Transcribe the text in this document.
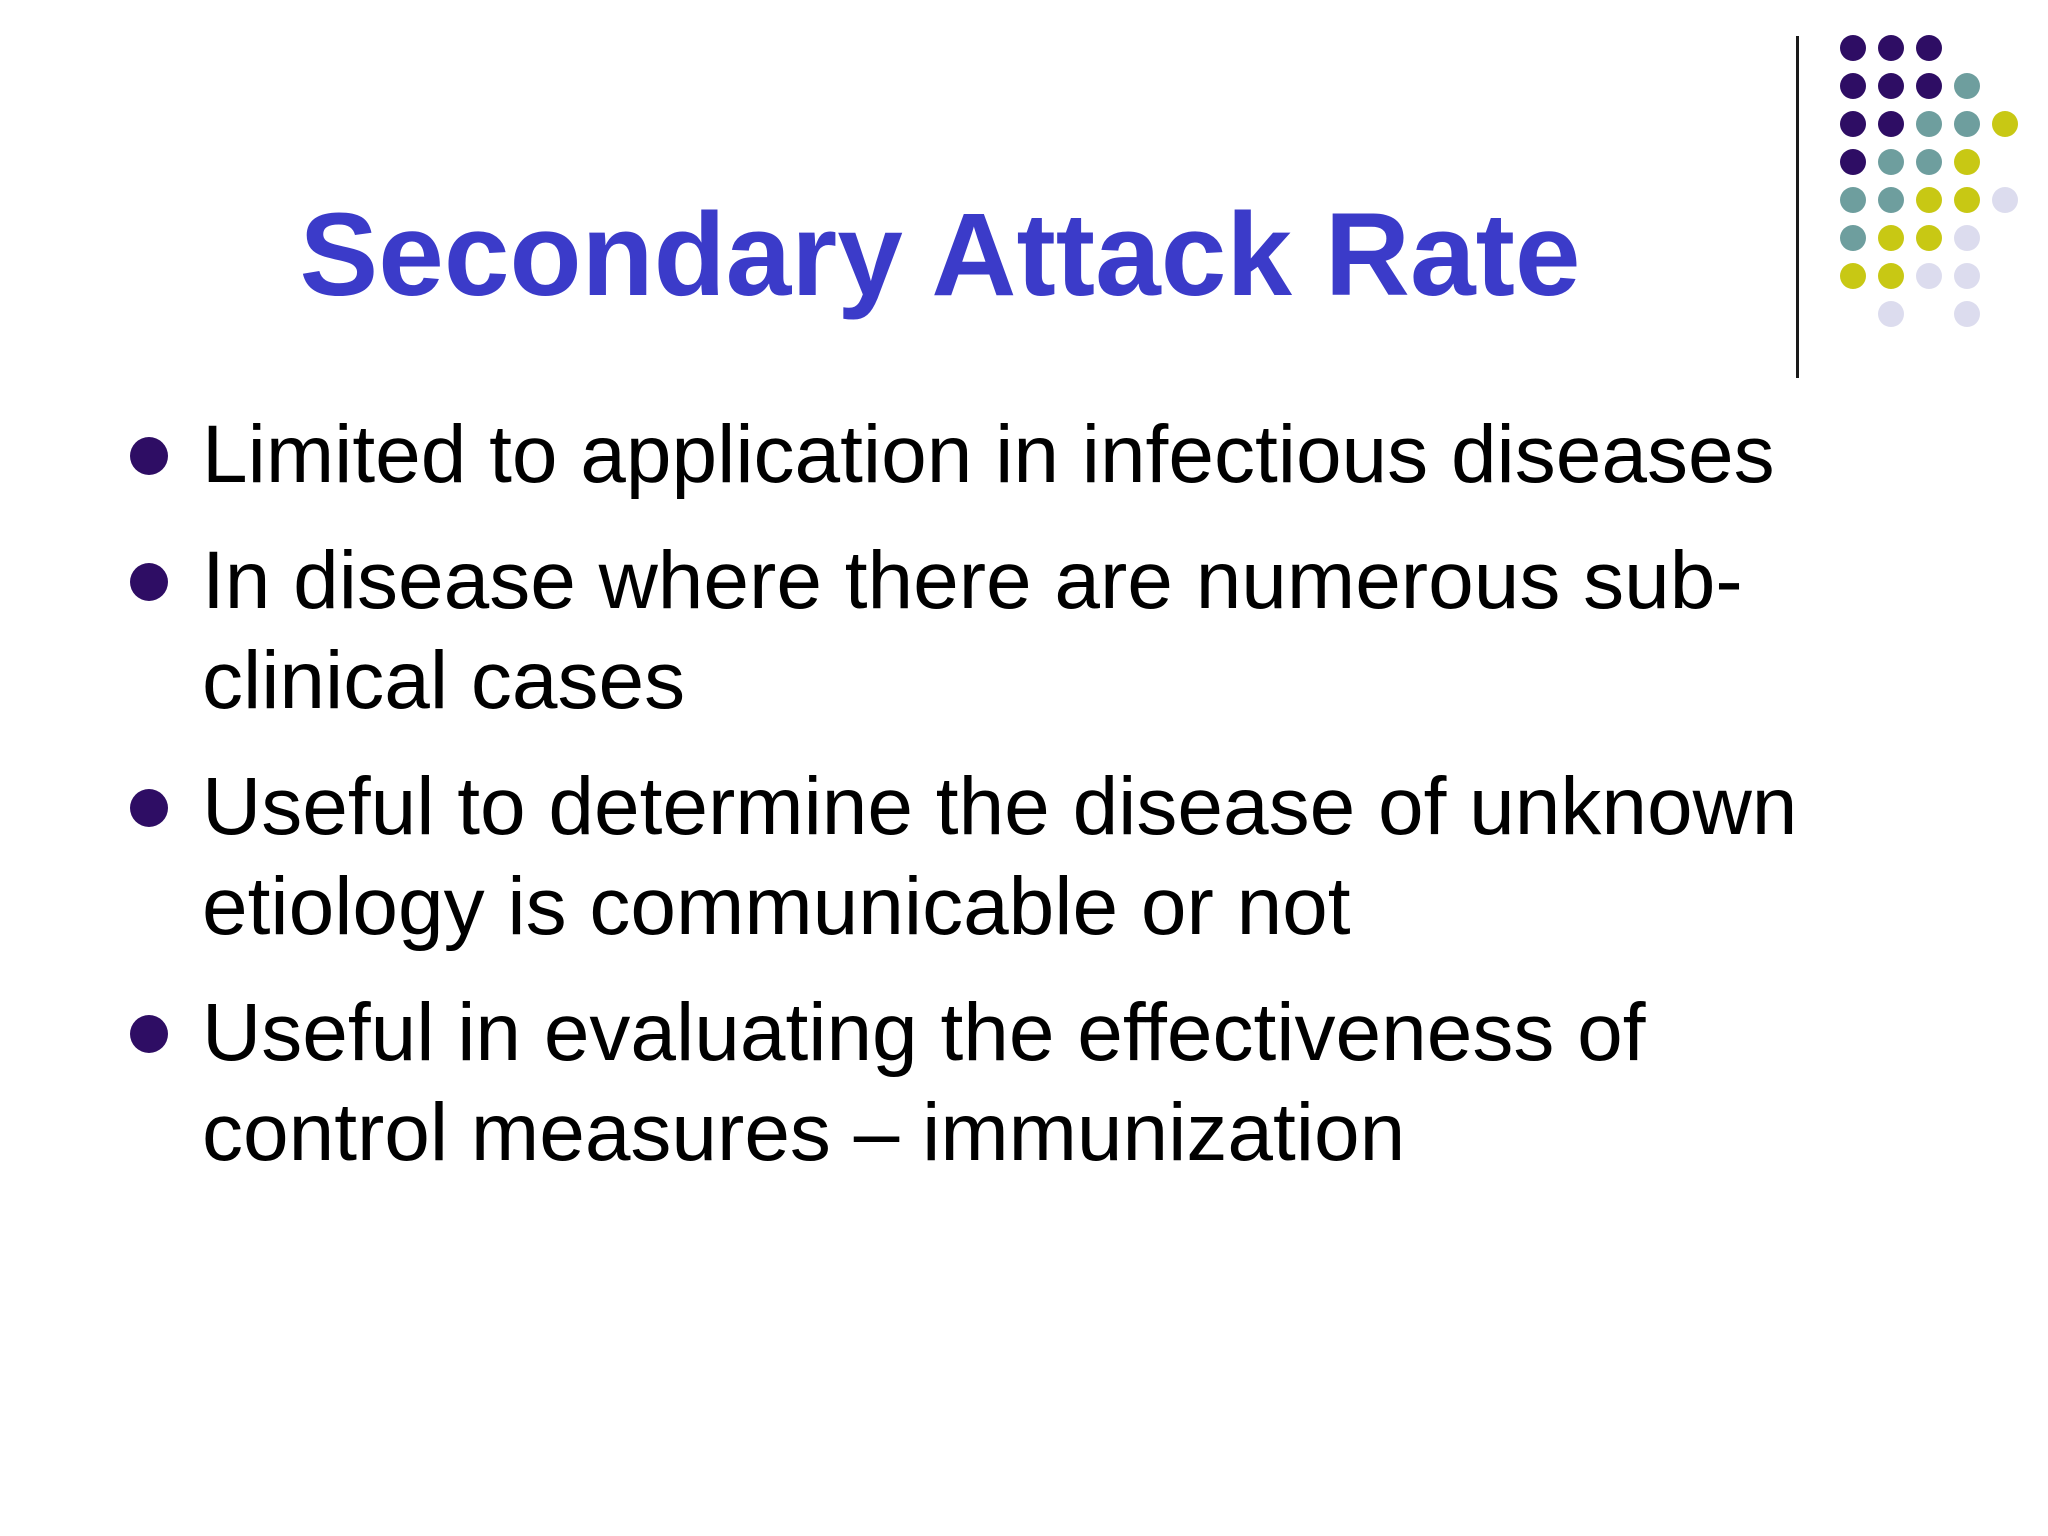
Secondary Attack Rate
Limited to application in infectious diseases
In disease where there are numerous sub-clinical cases
Useful to determine the disease of unknown etiology is communicable or not
Useful in evaluating the effectiveness of control measures – immunization
